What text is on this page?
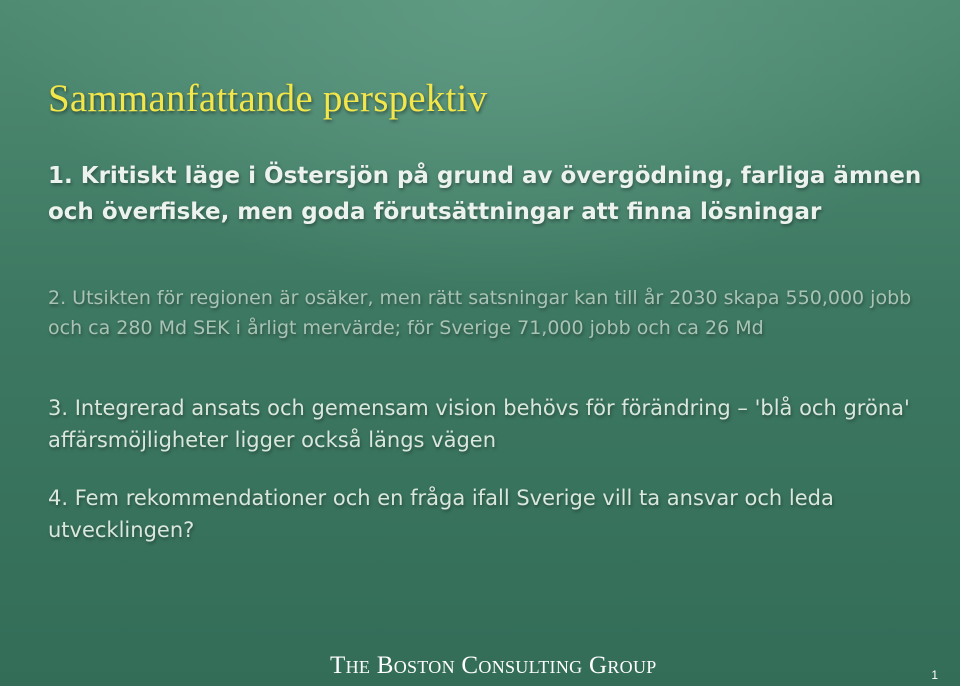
Sammanfattande perspektiv

1. Kritiskt läge i Östersjön på grund av övergödning, farliga ämnen och överfiske, men goda förutsättningar att finna lösningar

2. Utsikten för regionen är osäker, men rätt satsningar kan till år 2030 skapa 550,000 jobb och ca 280 Md SEK i årligt mervärde; för Sverige 71,000 jobb och ca 26 Md

3. Integrerad ansats och gemensam vision behövs för förändring – 'blå och gröna' affärsmöjligheter ligger också längs vägen

4. Fem rekommendationer och en fråga ifall Sverige vill ta ansvar och leda utvecklingen?

The Boston Consulting Group	1
